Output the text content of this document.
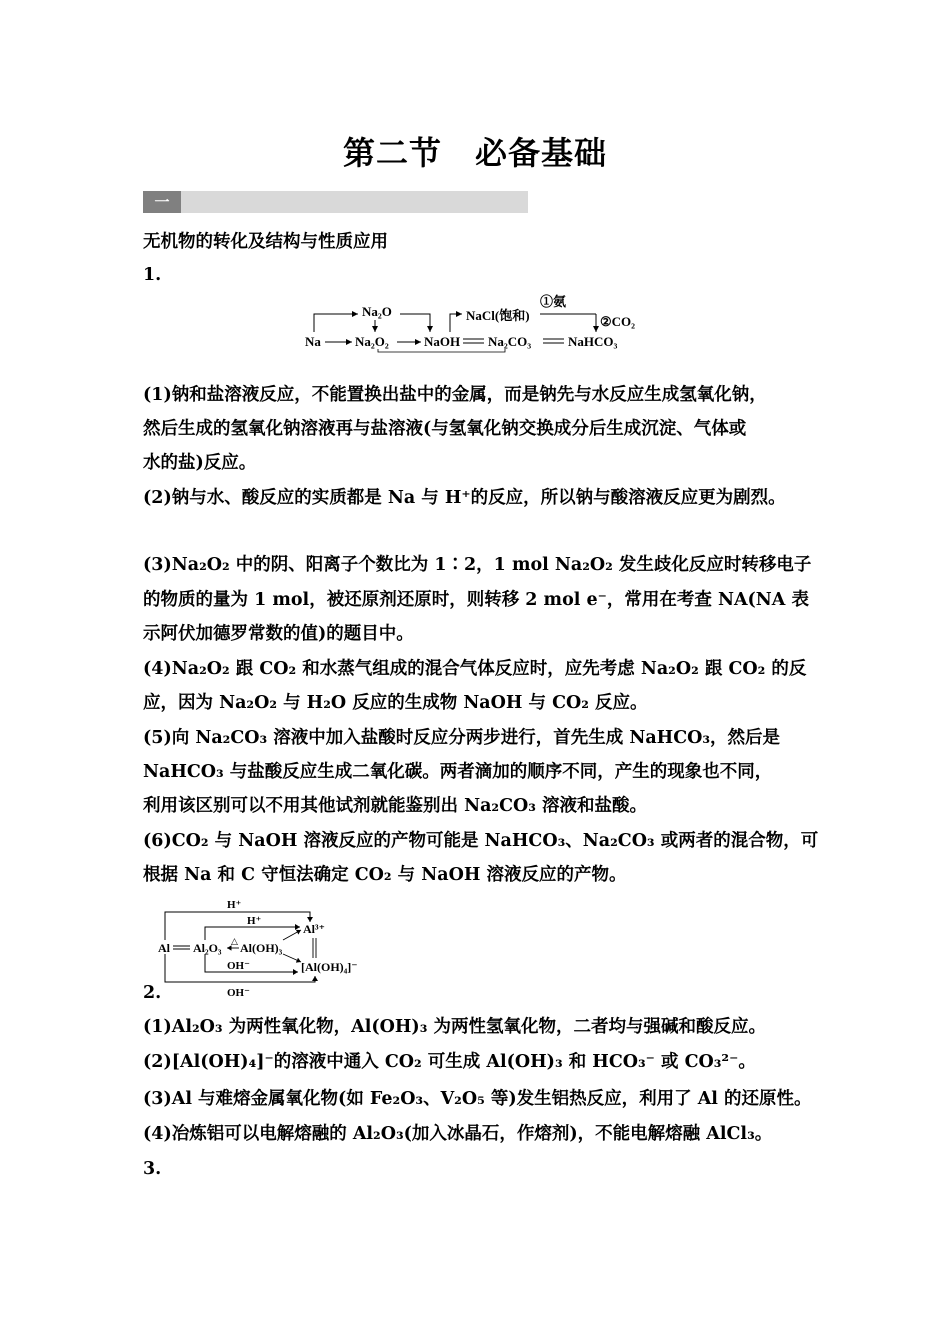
第二节　必备基础
一
无机物的转化及结构与性质应用
1.
Na₂O
Na	Na₂O₂	NaOH Na₂CO₃	NaHCO₃
NaCl(饱和)
①氨
②CO₂
(1)钠和盐溶液反应，不能置换出盐中的金属，而是钠先与水反应生成氢氧化钠，
然后生成的氢氧化钠溶液再与盐溶液(与氢氧化钠交换成分后生成沉淀、气体或
水的盐)反应。
(2)钠与水、酸反应的实质都是 Na 与 H⁺的反应，所以钠与酸溶液反应更为剧烈。
(3)Na₂O₂ 中的阴、阳离子个数比为 1∶2，1 mol Na₂O₂ 发生歧化反应时转移电子
的物质的量为 1 mol，被还原剂还原时，则转移 2 mol e⁻，常用在考查 NA(NA 表
示阿伏加德罗常数的值)的题目中。
(4)Na₂O₂ 跟 CO₂ 和水蒸气组成的混合气体反应时，应先考虑 Na₂O₂ 跟 CO₂ 的反
应，因为 Na₂O₂ 与 H₂O 反应的生成物 NaOH 与 CO₂ 反应。
(5)向 Na₂CO₃ 溶液中加入盐酸时反应分两步进行，首先生成 NaHCO₃，然后是
NaHCO₃ 与盐酸反应生成二氧化碳。两者滴加的顺序不同，产生的现象也不同，
利用该区别可以不用其他试剂就能鉴别出 Na₂CO₃ 溶液和盐酸。
(6)CO₂ 与 NaOH 溶液反应的产物可能是 NaHCO₃、Na₂CO₃ 或两者的混合物，可
根据 Na 和 C 守恒法确定 CO₂ 与 NaOH 溶液反应的产物。
H⁺
H⁺
Al Al₂O₃ △ Al(OH)₃
Al³⁺
[Al(OH)₄]⁻
OH⁻
OH⁻
2.
(1)Al₂O₃ 为两性氧化物，Al(OH)₃ 为两性氢氧化物，二者均与强碱和酸反应。
(2)[Al(OH)₄]⁻的溶液中通入 CO₂ 可生成 Al(OH)₃ 和 HCO₃⁻ 或 CO₃²⁻。
(3)Al 与难熔金属氧化物(如 Fe₂O₃、V₂O₅ 等)发生铝热反应，利用了 Al 的还原性。
(4)冶炼铝可以电解熔融的 Al₂O₃(加入冰晶石，作熔剂)，不能电解熔融 AlCl₃。
3.
